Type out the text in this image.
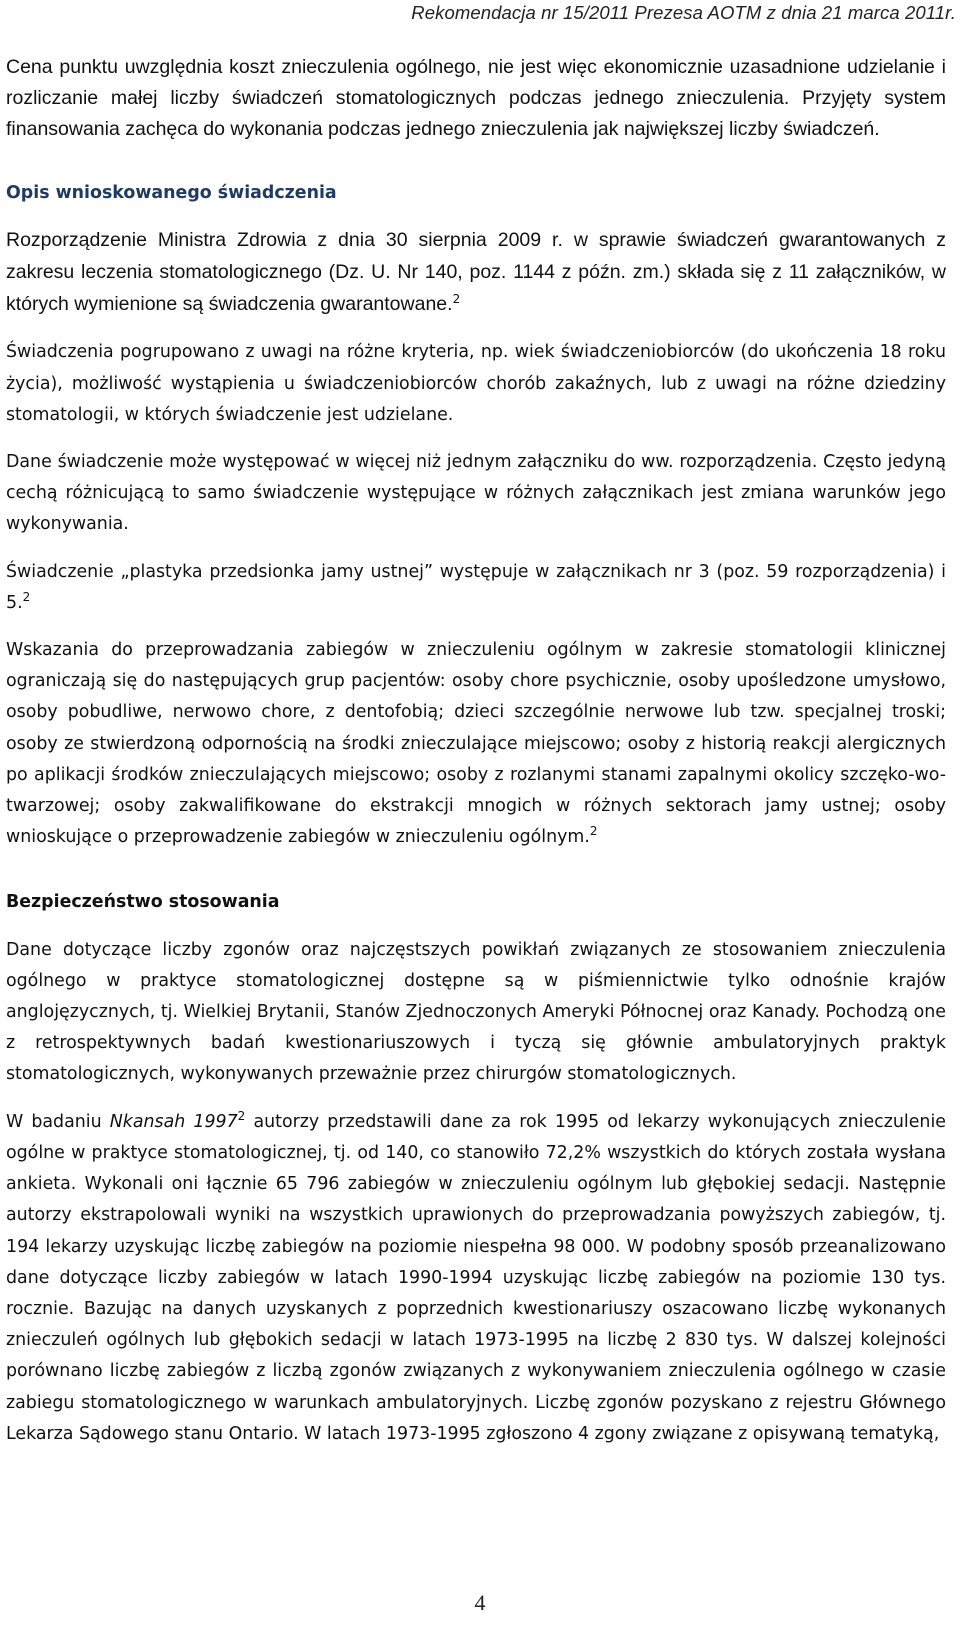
Rekomendacja nr 15/2011 Prezesa AOTM z dnia 21 marca 2011r.

Cena punktu uwzględnia koszt znieczulenia ogólnego, nie jest więc ekonomicznie uzasadnione udzielanie i rozliczanie małej liczby świadczeń stomatologicznych podczas jednego znieczulenia. Przyjęty system finansowania zachęca do wykonania podczas jednego znieczulenia jak największej liczby świadczeń.

Opis wnioskowanego świadczenia

Rozporządzenie Ministra Zdrowia z dnia 30 sierpnia 2009 r. w sprawie świadczeń gwarantowanych z zakresu leczenia stomatologicznego (Dz. U. Nr 140, poz. 1144 z późn. zm.) składa się z 11 załączników, w których wymienione są świadczenia gwarantowane.$^2$

Świadczenia pogrupowano z uwagi na różne kryteria, np. wiek świadczeniobiorców (do ukończenia 18 roku życia), możliwość wystąpienia u świadczeniobiorców chorób zakaźnych, lub z uwagi na różne dziedziny stomatologii, w których świadczenie jest udzielane.

Dane świadczenie może występować w więcej niż jednym załączniku do ww. rozporządzenia. Często jedyną cechą różnicującą to samo świadczenie występujące w różnych załącznikach jest zmiana warunków jego wykonywania.

Świadczenie „plastyka przedsionka jamy ustnej” występuje w załącznikach nr 3 (poz. 59 rozporządzenia) i 5.$^2$

Wskazania do przeprowadzania zabiegów w znieczuleniu ogólnym w zakresie stomatologii klinicznej ograniczają się do następujących grup pacjentów: osoby chore psychicznie, osoby upośledzone umysłowo, osoby pobudliwe, nerwowo chore, z dentofobią; dzieci szczególnie nerwowe lub tzw. specjalnej troski; osoby ze stwierdzoną odpornością na środki znieczulające miejscowo; osoby z historią reakcji alergicznych po aplikacji środków znieczulających miejscowo; osoby z rozlanymi stanami zapalnymi okolicy szczęko-wo-twarzowej; osoby zakwalifikowane do ekstrakcji mnogich w różnych sektorach jamy ustnej; osoby wnioskujące o przeprowadzenie zabiegów w znieczuleniu ogólnym.$^2$

Bezpieczeństwo stosowania

Dane dotyczące liczby zgonów oraz najczęstszych powikłań związanych ze stosowaniem znieczulenia ogólnego w praktyce stomatologicznej dostępne są w piśmiennictwie tylko odnośnie krajów anglojęzycznych, tj. Wielkiej Brytanii, Stanów Zjednoczonych Ameryki Północnej oraz Kanady. Pochodzą one z retrospektywnych badań kwestionariuszowych i tyczą się głównie ambulatoryjnych praktyk stomatologicznych, wykonywanych przeważnie przez chirurgów stomatologicznych.

W badaniu Nkansah 1997$^2$ autorzy przedstawili dane za rok 1995 od lekarzy wykonujących znieczulenie ogólne w praktyce stomatologicznej, tj. od 140, co stanowiło 72,2% wszystkich do których została wysłana ankieta. Wykonali oni łącznie 65 796 zabiegów w znieczuleniu ogólnym lub głębokiej sedacji. Następnie autorzy ekstrapolowali wyniki na wszystkich uprawionych do przeprowadzania powyższych zabiegów, tj. 194 lekarzy uzyskując liczbę zabiegów na poziomie niespełna 98 000. W podobny sposób przeanalizowano dane dotyczące liczby zabiegów w latach 1990-1994 uzyskując liczbę zabiegów na poziomie 130 tys. rocznie. Bazując na danych uzyskanych z poprzednich kwestionariuszy oszacowano liczbę wykonanych znieczuleń ogólnych lub głębokich sedacji w latach 1973-1995 na liczbę 2 830 tys. W dalszej kolejności porównano liczbę zabiegów z liczbą zgonów związanych z wykonywaniem znieczulenia ogólnego w czasie zabiegu stomatologicznego w warunkach ambulatoryjnych. Liczbę zgonów pozyskano z rejestru Głównego Lekarza Sądowego stanu Ontario. W latach 1973-1995 zgłoszono 4 zgony związane z opisywaną tematyką,

4
